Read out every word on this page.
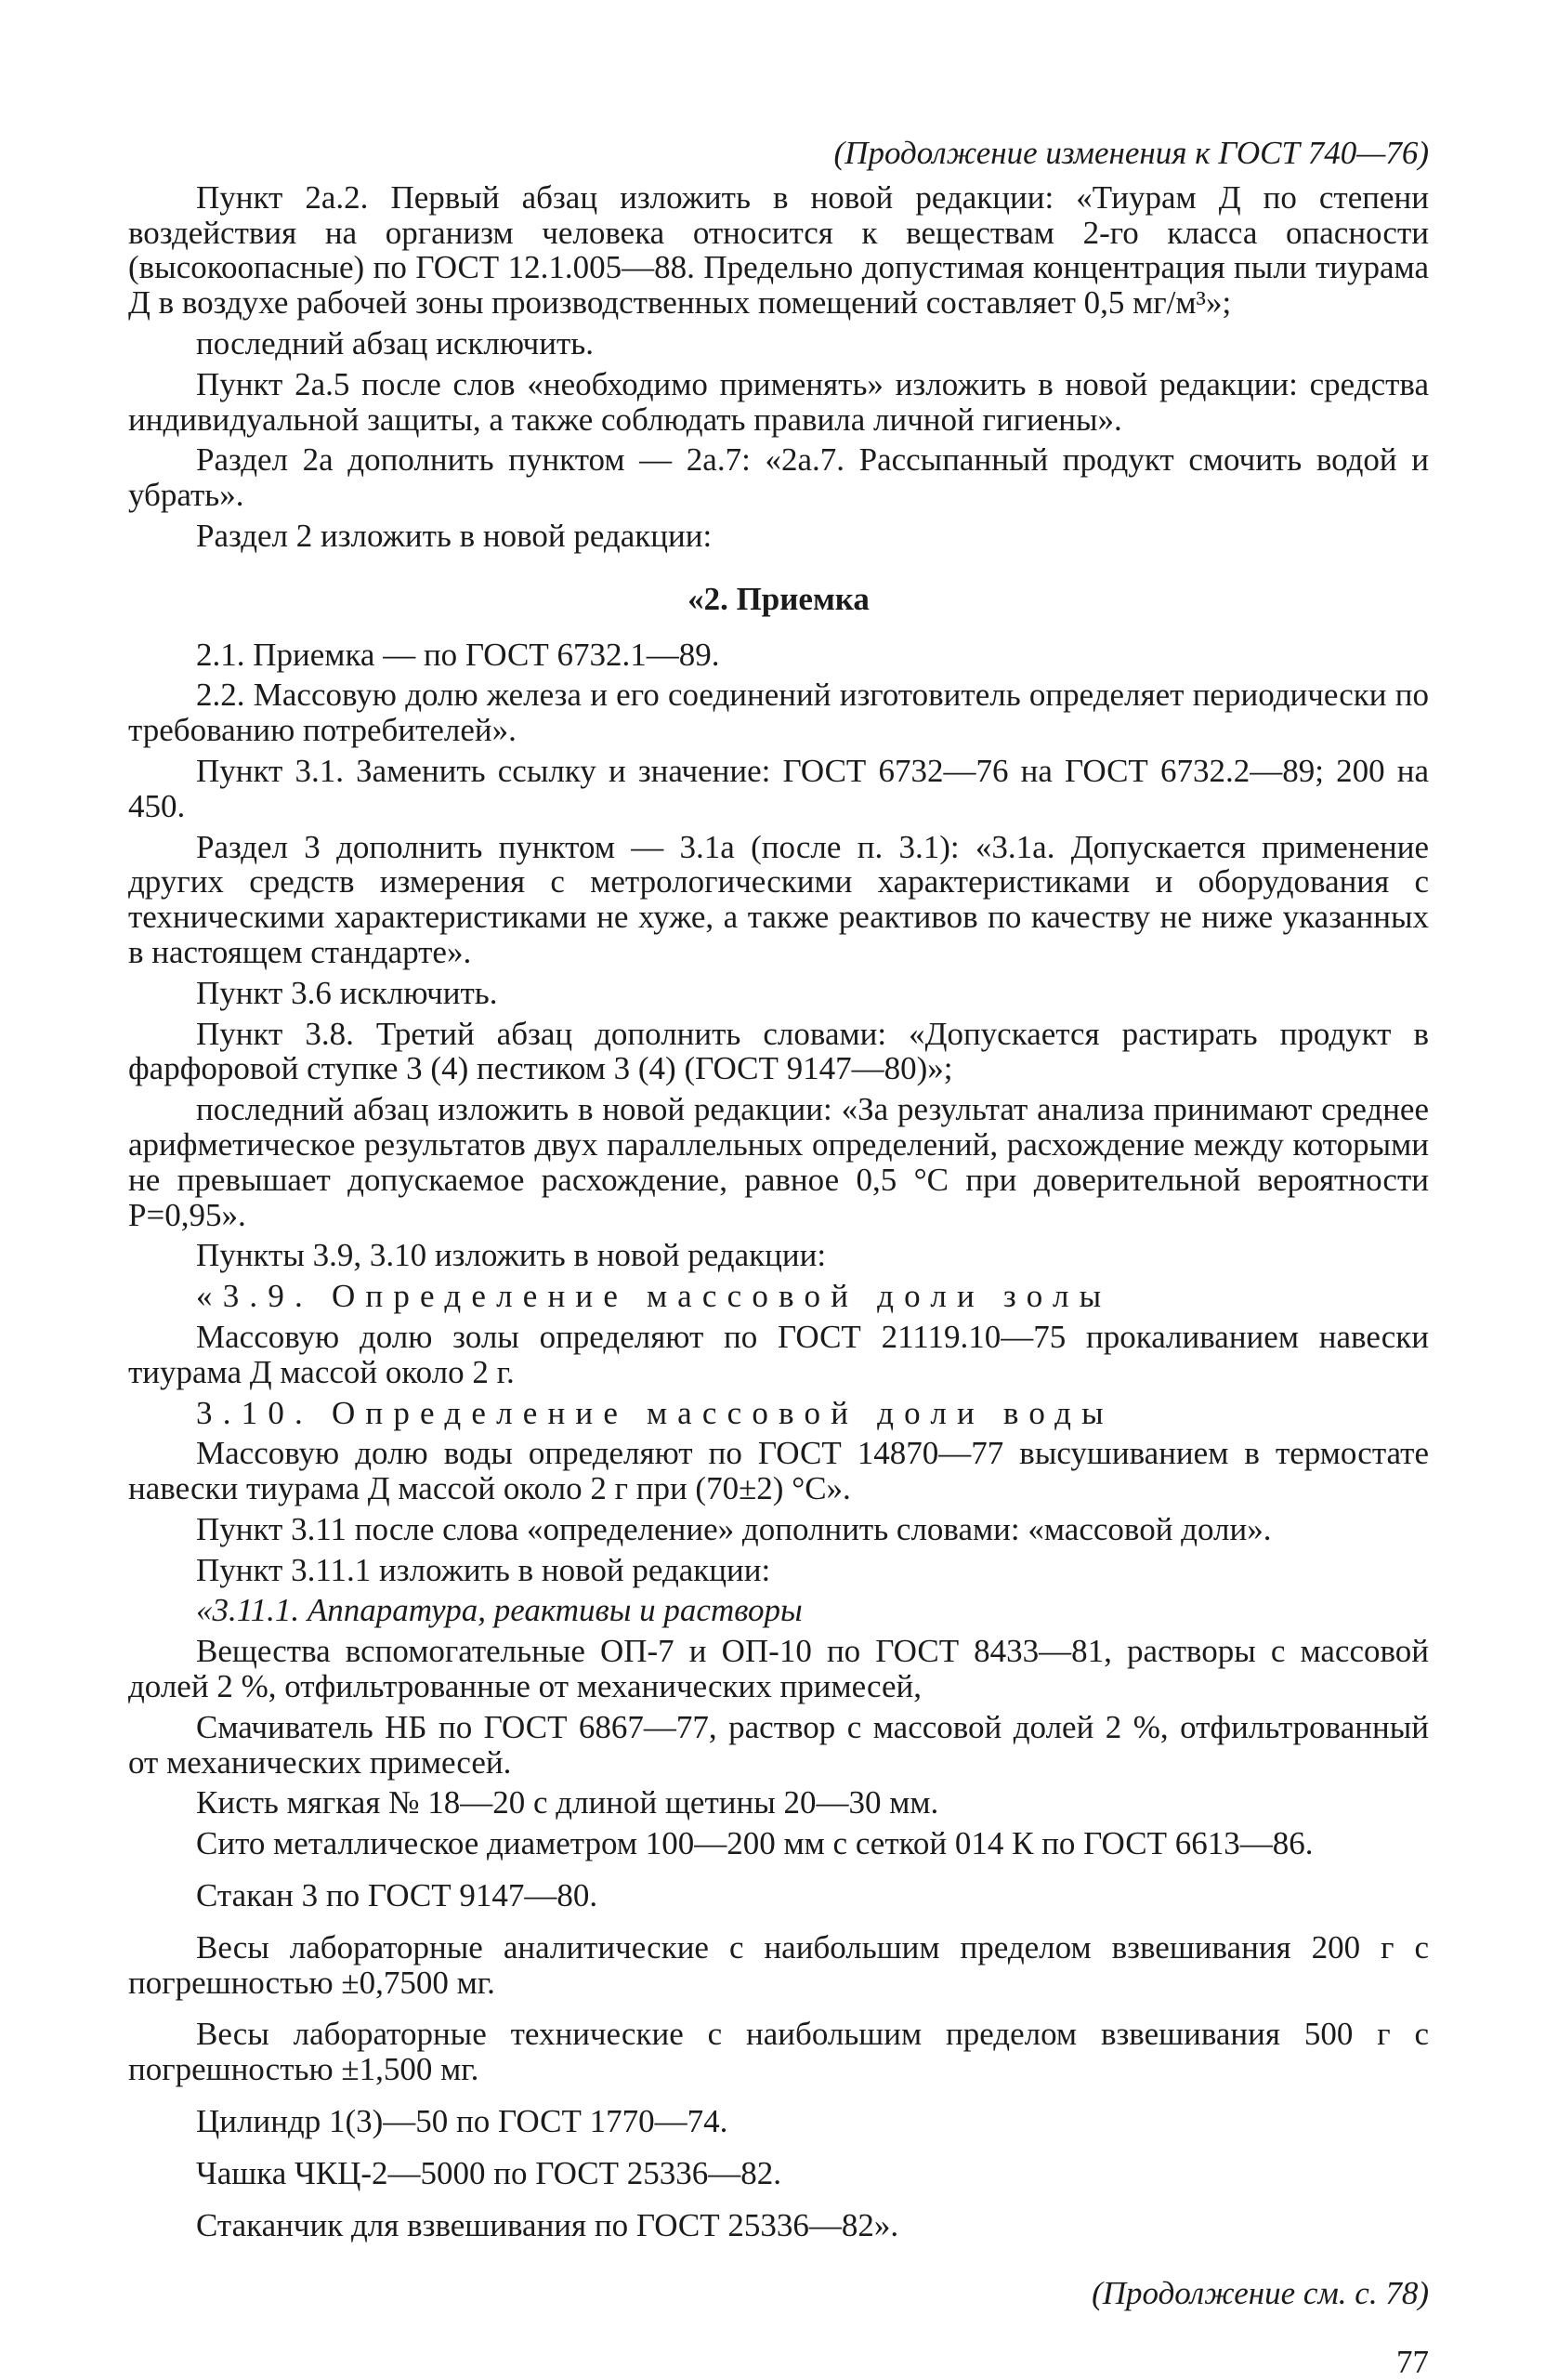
(Продолжение изменения к ГОСТ 740—76)

Пункт 2а.2. Первый абзац изложить в новой редакции: «Тиурам Д по степени воздействия на организм человека относится к веществам 2-го класса опасности (высокоопасные) по ГОСТ 12.1.005—88. Предельно допустимая концентрация пыли тиурама Д в воздухе рабочей зоны производственных помещений составляет 0,5 мг/м³»;

последний абзац исключить.

Пункт 2а.5 после слов «необходимо применять» изложить в новой редакции: средства индивидуальной защиты, а также соблюдать правила личной гигиены».

Раздел 2а дополнить пунктом — 2а.7: «2а.7. Рассыпанный продукт смочить водой и убрать».

Раздел 2 изложить в новой редакции:

«2. Приемка

2.1. Приемка — по ГОСТ 6732.1—89.

2.2. Массовую долю железа и его соединений изготовитель определяет периодически по требованию потребителей».

Пункт 3.1. Заменить ссылку и значение: ГОСТ 6732—76 на ГОСТ 6732.2—89; 200 на 450.

Раздел 3 дополнить пунктом — 3.1а (после п. 3.1): «3.1а. Допускается применение других средств измерения с метрологическими характеристиками и оборудования с техническими характеристиками не хуже, а также реактивов по качеству не ниже указанных в настоящем стандарте».

Пункт 3.6 исключить.

Пункт 3.8. Третий абзац дополнить словами: «Допускается растирать продукт в фарфоровой ступке 3 (4) пестиком 3 (4) (ГОСТ 9147—80)»;

последний абзац изложить в новой редакции: «За результат анализа принимают среднее арифметическое результатов двух параллельных определений, расхождение между которыми не превышает допускаемое расхождение, равное 0,5 °С при доверительной вероятности P=0,95».

Пункты 3.9, 3.10 изложить в новой редакции:

«3.9. Определение массовой доли золы

Массовую долю золы определяют по ГОСТ 21119.10—75 прокаливанием навески тиурама Д массой около 2 г.

3.10. Определение массовой доли воды

Массовую долю воды определяют по ГОСТ 14870—77 высушиванием в термостате навески тиурама Д массой около 2 г при (70±2) °С».

Пункт 3.11 после слова «определение» дополнить словами: «массовой доли».

Пункт 3.11.1 изложить в новой редакции:

«3.11.1. Аппаратура, реактивы и растворы

Вещества вспомогательные ОП-7 и ОП-10 по ГОСТ 8433—81, растворы с массовой долей 2 %, отфильтрованные от механических примесей,

Смачиватель НБ по ГОСТ 6867—77, раствор с массовой долей 2 %, отфильтрованный от механических примесей.

Кисть мягкая № 18—20 с длиной щетины 20—30 мм.

Сито металлическое диаметром 100—200 мм с сеткой 014 К по ГОСТ 6613—86.

Стакан 3 по ГОСТ 9147—80.

Весы лабораторные аналитические с наибольшим пределом взвешивания 200 г с погрешностью ±0,7500 мг.

Весы лабораторные технические с наибольшим пределом взвешивания 500 г с погрешностью ±1,500 мг.

Цилиндр 1(3)—50 по ГОСТ 1770—74.

Чашка ЧКЦ-2—5000 по ГОСТ 25336—82.

Стаканчик для взвешивания по ГОСТ 25336—82».

(Продолжение см. с. 78)
77
